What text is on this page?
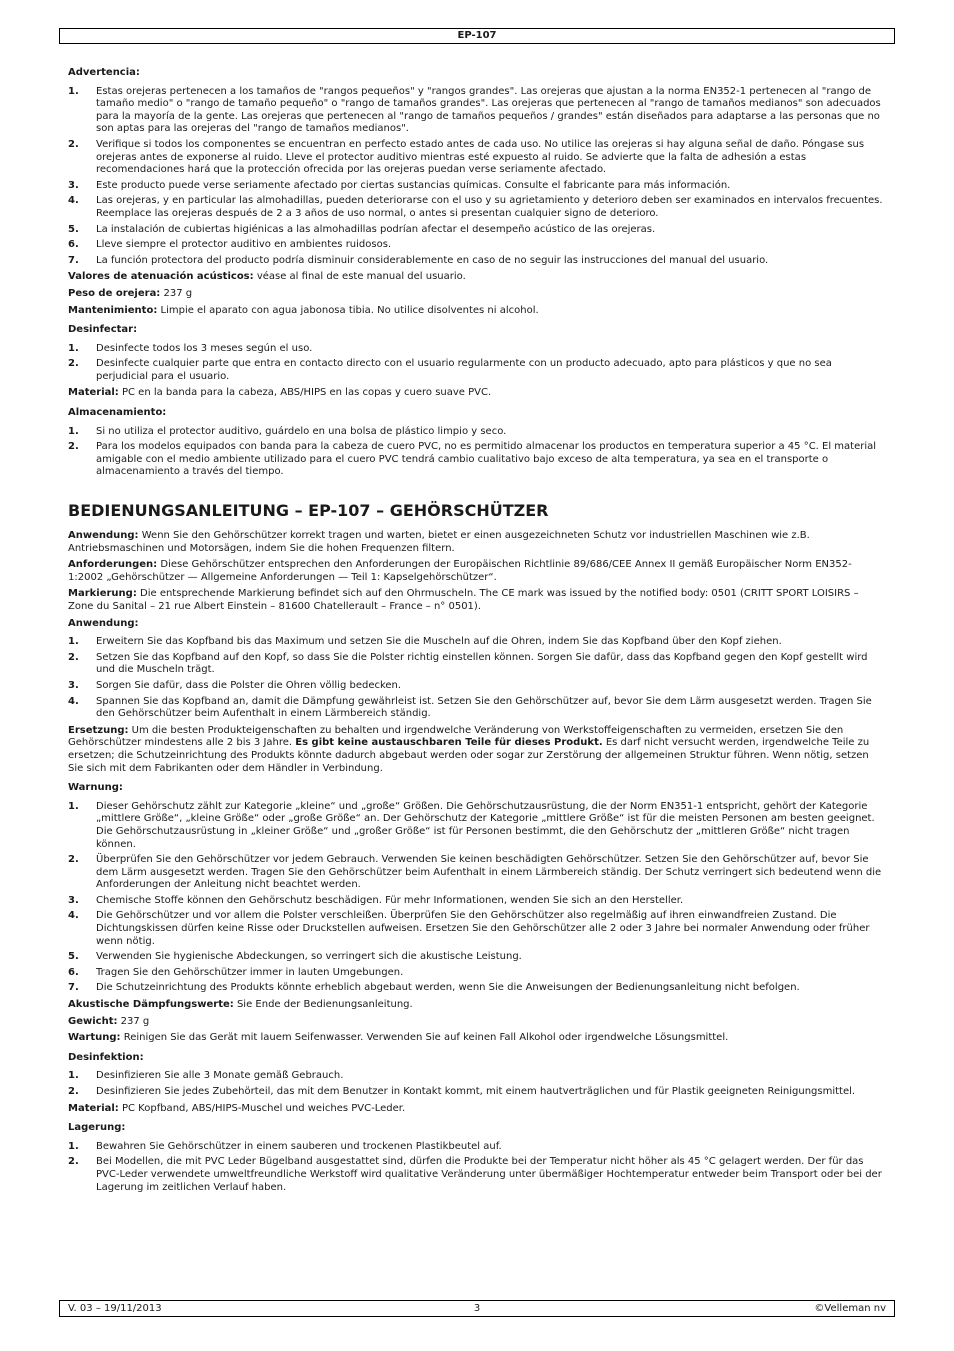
EP-107
Advertencia:
1. Estas orejeras pertenecen a los tamaños de "rangos pequeños" y "rangos grandes". Las orejeras que ajustan a la norma EN352-1 pertenecen al "rango de tamaño medio" o "rango de tamaño pequeño" o "rango de tamaños grandes". Las orejeras que pertenecen al "rango de tamaños medianos" son adecuados para la mayoría de la gente. Las orejeras que pertenecen al "rango de tamaños pequeños / grandes" están diseñados para adaptarse a las personas que no son aptas para las orejeras del "rango de tamaños medianos".
2. Verifique si todos los componentes se encuentran en perfecto estado antes de cada uso. No utilice las orejeras si hay alguna señal de daño. Póngase sus orejeras antes de exponerse al ruido. Lleve el protector auditivo mientras esté expuesto al ruido. Se advierte que la falta de adhesión a estas recomendaciones hará que la protección ofrecida por las orejeras puedan verse seriamente afectado.
3. Este producto puede verse seriamente afectado por ciertas sustancias químicas. Consulte el fabricante para más información.
4. Las orejeras, y en particular las almohadillas, pueden deteriorarse con el uso y su agrietamiento y deterioro deben ser examinados en intervalos frecuentes. Reemplace las orejeras después de 2 a 3 años de uso normal, o antes si presentan cualquier signo de deterioro.
5. La instalación de cubiertas higiénicas a las almohadillas podrían afectar el desempeño acústico de las orejeras.
6. Lleve siempre el protector auditivo en ambientes ruidosos.
7. La función protectora del producto podría disminuir considerablemente en caso de no seguir las instrucciones del manual del usuario.

Valores de atenuación acústicos: véase al final de este manual del usuario.

Peso de orejera: 237 g

Mantenimiento: Limpie el aparato con agua jabonosa tibia. No utilice disolventes ni alcohol.

Desinfectar:
1. Desinfecte todos los 3 meses según el uso.
2. Desinfecte cualquier parte que entra en contacto directo con el usuario regularmente con un producto adecuado, apto para plásticos y que no sea perjudicial para el usuario.

Material: PC en la banda para la cabeza, ABS/HIPS en las copas y cuero suave PVC.

Almacenamiento:
1. Si no utiliza el protector auditivo, guárdelo en una bolsa de plástico limpio y seco.
2. Para los modelos equipados con banda para la cabeza de cuero PVC, no es permitido almacenar los productos en temperatura superior a 45 °C. El material amigable con el medio ambiente utilizado para el cuero PVC tendrá cambio cualitativo bajo exceso de alta temperatura, ya sea en el transporte o almacenamiento a través del tiempo.
BEDIENUNGSANLEITUNG – EP-107 – GEHÖRSCHÜTZER

Anwendung: Wenn Sie den Gehörschützer korrekt tragen und warten, bietet er einen ausgezeichneten Schutz vor industriellen Maschinen wie z.B. Antriebsmaschinen und Motorsägen, indem Sie die hohen Frequenzen filtern.

Anforderungen: Diese Gehörschützer entsprechen den Anforderungen der Europäischen Richtlinie 89/686/CEE Annex II gemäß Europäischer Norm EN352-1:2002 „Gehörschützer — Allgemeine Anforderungen — Teil 1: Kapselgehörschützer“.

Markierung: Die entsprechende Markierung befindet sich auf den Ohrmuscheln. The CE mark was issued by the notified body: 0501 (CRITT SPORT LOISIRS – Zone du Sanital – 21 rue Albert Einstein – 81600 Chatellerault – France – n° 0501).

Anwendung:
1. Erweitern Sie das Kopfband bis das Maximum und setzen Sie die Muscheln auf die Ohren, indem Sie das Kopfband über den Kopf ziehen.
2. Setzen Sie das Kopfband auf den Kopf, so dass Sie die Polster richtig einstellen können. Sorgen Sie dafür, dass das Kopfband gegen den Kopf gestellt wird und die Muscheln trägt.
3. Sorgen Sie dafür, dass die Polster die Ohren völlig bedecken.
4. Spannen Sie das Kopfband an, damit die Dämpfung gewährleist ist. Setzen Sie den Gehörschützer auf, bevor Sie dem Lärm ausgesetzt werden. Tragen Sie den Gehörschützer beim Aufenthalt in einem Lärmbereich ständig.

Ersetzung: Um die besten Produkteigenschaften zu behalten und irgendwelche Veränderung von Werkstoffeigenschaften zu vermeiden, ersetzen Sie den Gehörschützer mindestens alle 2 bis 3 Jahre. Es gibt keine austauschbaren Teile für dieses Produkt. Es darf nicht versucht werden, irgendwelche Teile zu ersetzen; die Schutzeinrichtung des Produkts könnte dadurch abgebaut werden oder sogar zur Zerstörung der allgemeinen Struktur führen. Wenn nötig, setzen Sie sich mit dem Fabrikanten oder dem Händler in Verbindung.

Warnung:
1. Dieser Gehörschutz zählt zur Kategorie „kleine“ und „große“ Größen. Die Gehörschutzausrüstung, die der Norm EN351-1 entspricht, gehört der Kategorie „mittlere Größe“, „kleine Größe“ oder „große Größe“ an. Der Gehörschutz der Kategorie „mittlere Größe“ ist für die meisten Personen am besten geeignet. Die Gehörschutzausrüstung in „kleiner Größe“ und „großer Größe“ ist für Personen bestimmt, die den Gehörschutz der „mittleren Größe“ nicht tragen können.
2. Überprüfen Sie den Gehörschützer vor jedem Gebrauch. Verwenden Sie keinen beschädigten Gehörschützer. Setzen Sie den Gehörschützer auf, bevor Sie dem Lärm ausgesetzt werden. Tragen Sie den Gehörschützer beim Aufenthalt in einem Lärmbereich ständig. Der Schutz verringert sich bedeutend wenn die Anforderungen der Anleitung nicht beachtet werden.
3. Chemische Stoffe können den Gehörschutz beschädigen. Für mehr Informationen, wenden Sie sich an den Hersteller.
4. Die Gehörschützer und vor allem die Polster verschleißen. Überprüfen Sie den Gehörschützer also regelmäßig auf ihren einwandfreien Zustand. Die Dichtungskissen dürfen keine Risse oder Druckstellen aufweisen. Ersetzen Sie den Gehörschützer alle 2 oder 3 Jahre bei normaler Anwendung oder früher wenn nötig.
5. Verwenden Sie hygienische Abdeckungen, so verringert sich die akustische Leistung.
6. Tragen Sie den Gehörschützer immer in lauten Umgebungen.
7. Die Schutzeinrichtung des Produkts könnte erheblich abgebaut werden, wenn Sie die Anweisungen der Bedienungsanleitung nicht befolgen.

Akustische Dämpfungswerte: Sie Ende der Bedienungsanleitung.

Gewicht: 237 g

Wartung: Reinigen Sie das Gerät mit lauem Seifenwasser. Verwenden Sie auf keinen Fall Alkohol oder irgendwelche Lösungsmittel.

Desinfektion:
1. Desinfizieren Sie alle 3 Monate gemäß Gebrauch.
2. Desinfizieren Sie jedes Zubehörteil, das mit dem Benutzer in Kontakt kommt, mit einem hautverträglichen und für Plastik geeigneten Reinigungsmittel.

Material: PC Kopfband, ABS/HIPS-Muschel und weiches PVC-Leder.

Lagerung:
1. Bewahren Sie Gehörschützer in einem sauberen und trockenen Plastikbeutel auf.
2. Bei Modellen, die mit PVC Leder Bügelband ausgestattet sind, dürfen die Produkte bei der Temperatur nicht höher als 45 °C gelagert werden. Der für das PVC-Leder verwendete umweltfreundliche Werkstoff wird qualitative Veränderung unter übermäßiger Hochtemperatur entweder beim Transport oder bei der Lagerung im zeitlichen Verlauf haben.
V. 03 – 19/11/2013	3	©Velleman nv
